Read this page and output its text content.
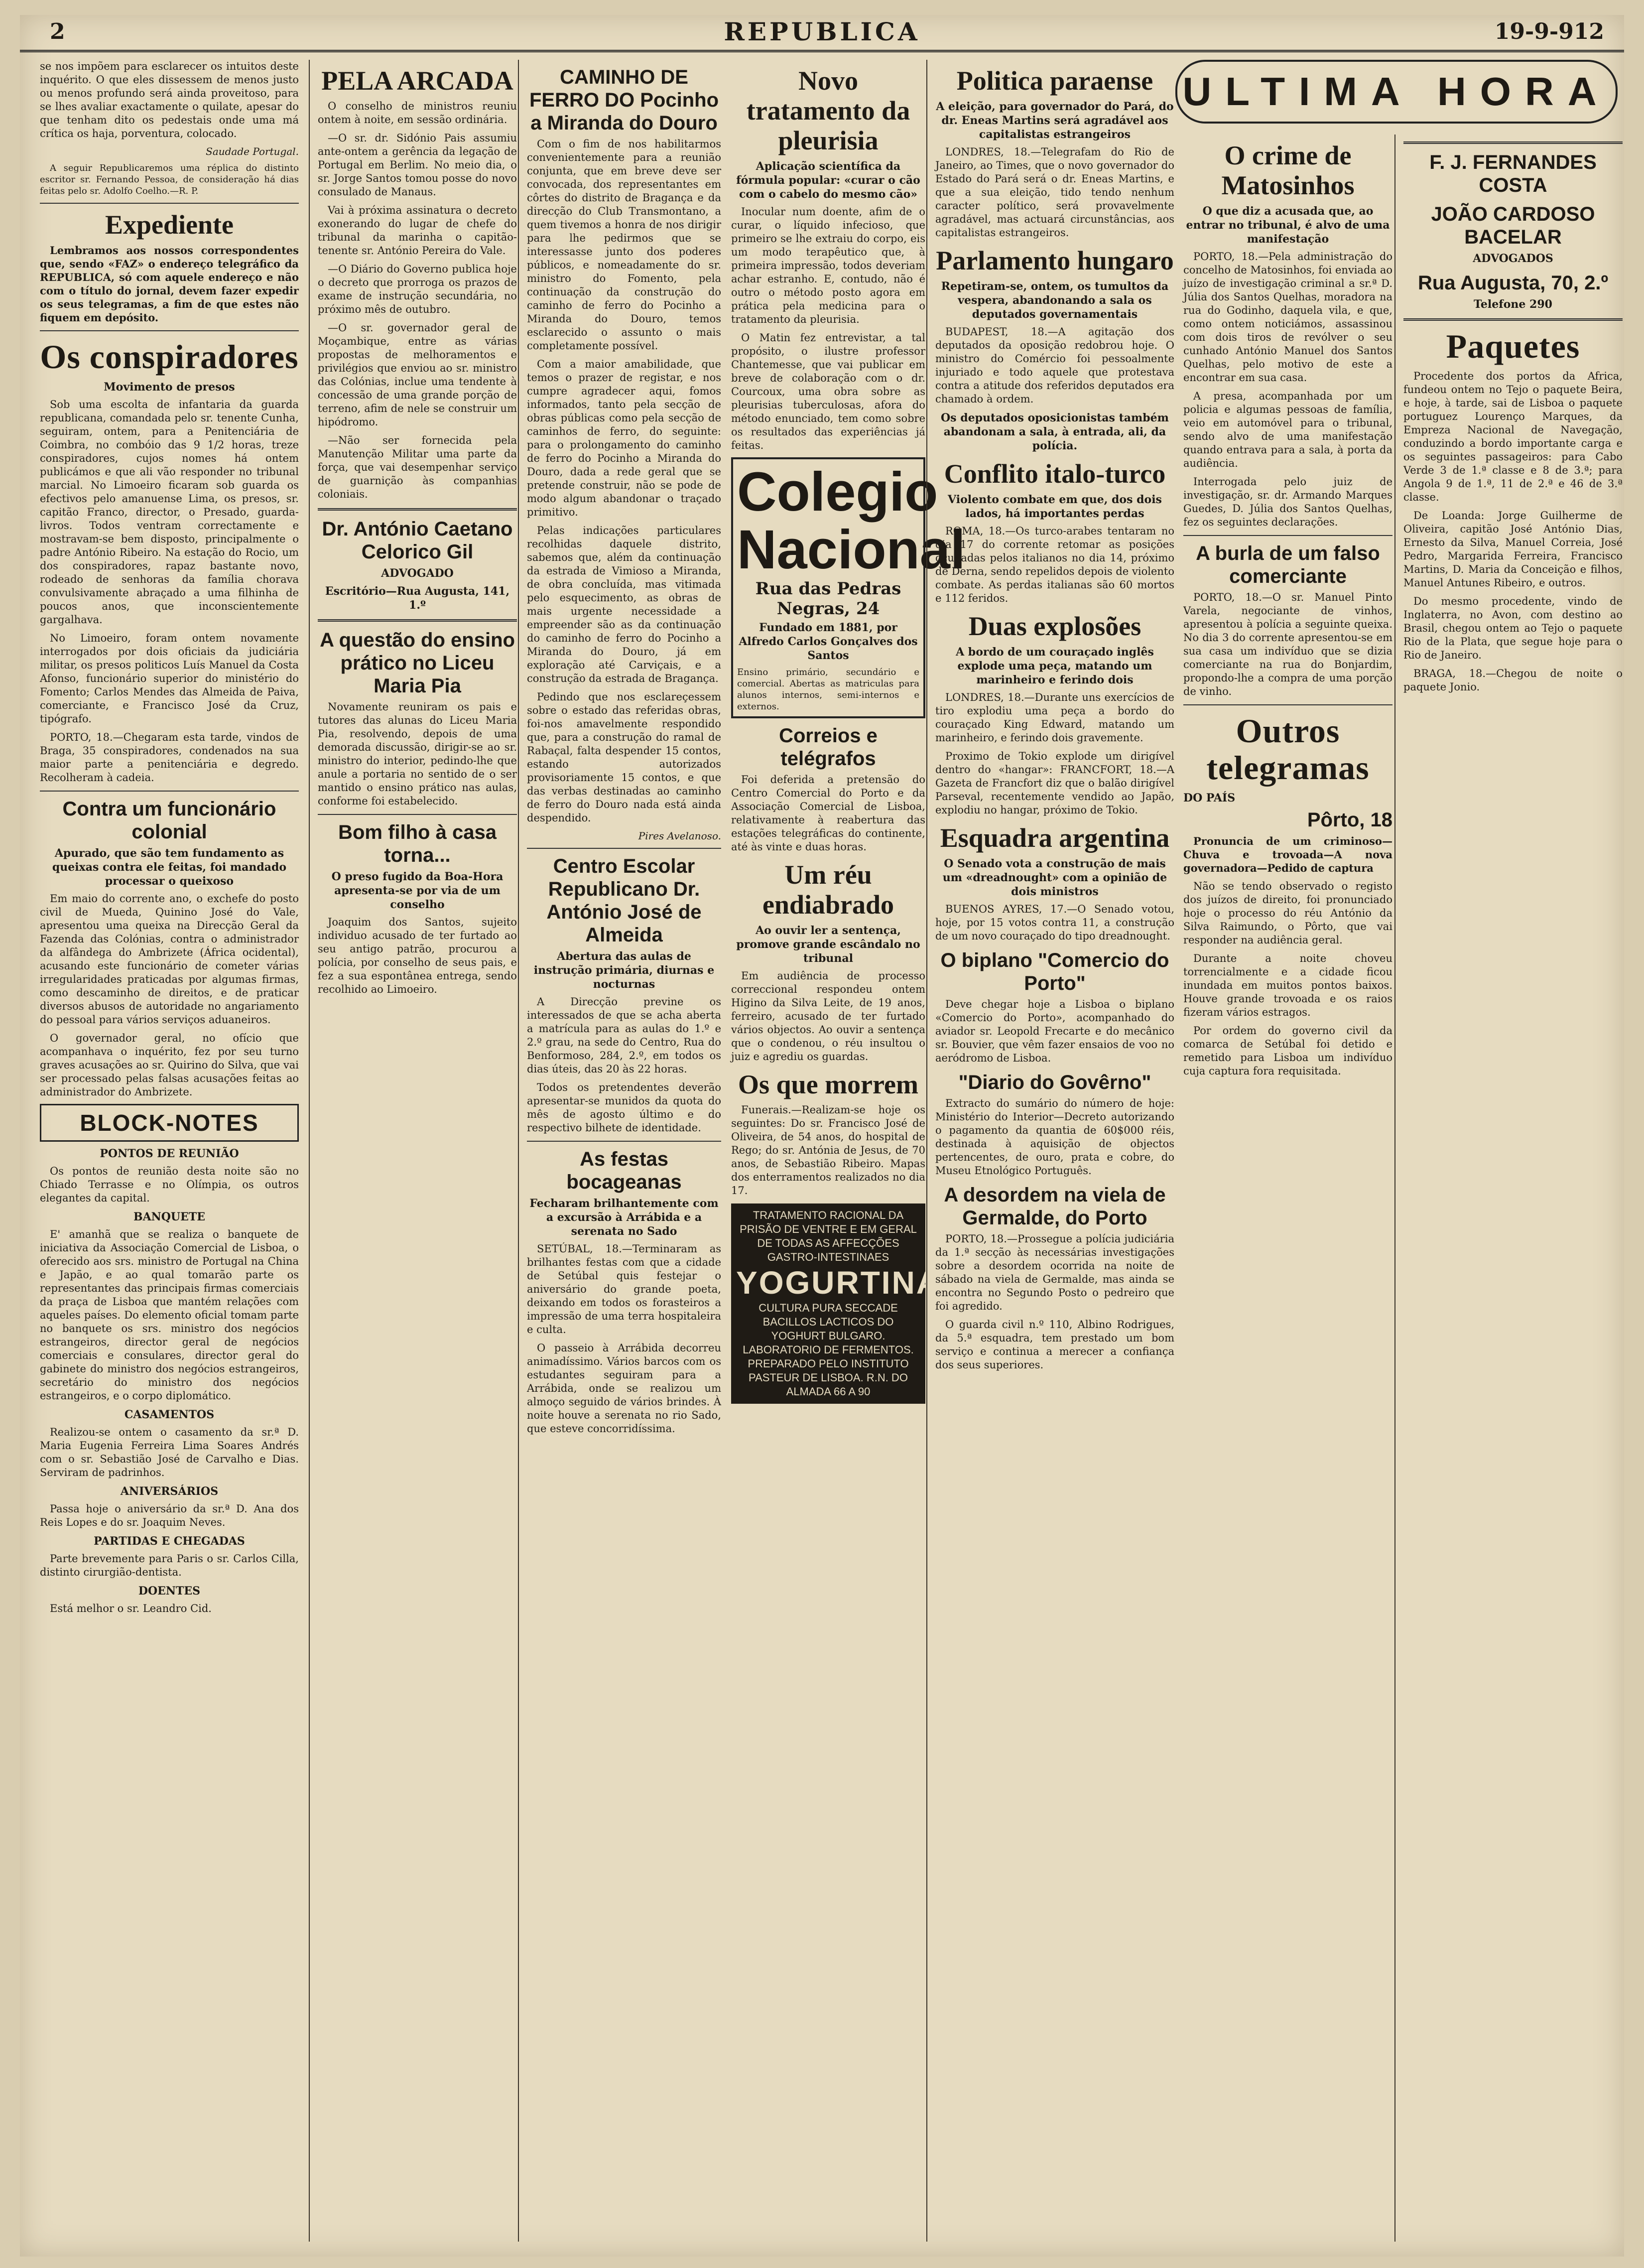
2	REPUBLICA	19-9-912

se nos impõem para esclarecer os intuitos deste inquérito. O que eles dissessem de menos justo ou menos profundo será ainda proveitoso, para se lhes avaliar exactamente o quilate, apesar do que tenham dito os pedestais onde uma má crítica os haja, porventura, colocado.

Saudade Portugal.

A seguir Republicaremos uma réplica do distinto escritor sr. Fernando Pessoa, de consideração há dias feitas pelo sr. Adolfo Coelho.—R. P.

Expediente

Lembramos aos nossos correspondentes que, sendo «FAZ» o endereço telegráfico da REPUBLICA, só com aquele endereço e não com o título do jornal, devem fazer expedir os seus telegramas, a fim de que estes não fiquem em depósito.

Os conspiradores
Movimento de presos

Sob uma escolta de infantaria da guarda republicana, comandada pelo sr. tenente Cunha, seguiram, ontem, para a Penitenciária de Coimbra, no combóio das 9 1/2 horas, treze conspiradores, cujos nomes há ontem publicámos e que ali vão responder no tribunal marcial. No Limoeiro ficaram sob guarda os efectivos pelo amanuense Lima, os presos, sr. capitão Franco, director, o Presado, guarda-livros. Todos ventram correctamente e mostravam-se bem disposto, principalmente o padre António Ribeiro. Na estação do Rocio, um dos conspiradores, rapaz bastante novo, rodeado de senhoras da família chorava convulsivamente abraçado a uma filhinha de poucos anos, que inconscientemente gargalhava.

No Limoeiro, foram ontem novamente interrogados por dois oficiais da judiciária militar, os presos politicos Luís Manuel da Costa Afonso, funcionário superior do ministério do Fomento; Carlos Mendes das Almeida de Paiva, comerciante, e Francisco José da Cruz, tipógrafo.

PORTO, 18.—Chegaram esta tarde, vindos de Braga, 35 conspiradores, condenados na sua maior parte a penitenciária e degredo. Recolheram à cadeia.

Contra um funcionário colonial
Apurado, que são tem fundamento as queixas contra ele feitas, foi mandado processar o queixoso

Em maio do corrente ano, o exchefe do posto civil de Mueda, Quinino José do Vale, apresentou uma queixa na Direcção Geral da Fazenda das Colónias, contra o administrador da alfândega do Ambrizete (África ocidental), acusando este funcionário de cometer várias irregularidades praticadas por algumas firmas, como descaminho de direitos, e de praticar diversos abusos de autoridade no angariamento do pessoal para vários serviços aduaneiros.

O governador geral, no ofício que acompanhava o inquérito, fez por seu turno graves acusações ao sr. Quirino do Silva, que vai ser processado pelas falsas acusações feitas ao administrador do Ambrizete.

BLOCK-NOTES
PONTOS DE REUNIÃO

Os pontos de reunião desta noite são no Chiado Terrasse e no Olímpia, os outros elegantes da capital.

BANQUETE

E' amanhã que se realiza o banquete de iniciativa da Associação Comercial de Lisboa, o oferecido aos srs. ministro de Portugal na China e Japão, e ao qual tomarão parte os representantes das principais firmas comerciais da praça de Lisboa que mantém relações com aqueles países. Do elemento oficial tomam parte no banquete os srs. ministro dos negócios estrangeiros, director geral de negócios comerciais e consulares, director geral do gabinete do ministro dos negócios estrangeiros, secretário do ministro dos negócios estrangeiros, e o corpo diplomático.

CASAMENTOS

Realizou-se ontem o casamento da sr.ª D. Maria Eugenia Ferreira Lima Soares Andrés com o sr. Sebastião José de Carvalho e Dias. Serviram de padrinhos.

ANIVERSÁRIOS

Passa hoje o aniversário da sr.ª D. Ana dos Reis Lopes e do sr. Joaquim Neves.

PARTIDAS E CHEGADAS

Parte brevemente para Paris o sr. Carlos Cilla, distinto cirurgião-dentista.

DOENTES

Está melhor o sr. Leandro Cid.

PELA ARCADA

O conselho de ministros reuniu ontem à noite, em sessão ordinária.

—O sr. dr. Sidónio Pais assumiu ante-ontem a gerência da legação de Portugal em Berlim. No meio dia, o sr. Jorge Santos tomou posse do novo consulado de Manaus.

Vai à próxima assinatura o decreto exonerando do lugar de chefe do tribunal da marinha o capitão-tenente sr. António Pereira do Vale.

—O Diário do Governo publica hoje o decreto que prorroga os prazos de exame de instrução secundária, no próximo mês de outubro.

—O sr. governador geral de Moçambique, entre as várias propostas de melhoramentos e privilégios que enviou ao sr. ministro das Colónias, inclue uma tendente à concessão de uma grande porção de terreno, afim de nele se construir um hipódromo.

—Não ser fornecida pela Manutenção Militar uma parte da força, que vai desempenhar serviço de guarnição às companhias coloniais.

Dr. António Caetano Celorico Gil
ADVOGADO
Escritório—Rua Augusta, 141, 1.º
A questão do ensino prático no Liceu Maria Pia

Novamente reuniram os pais e tutores das alunas do Liceu Maria Pia, resolvendo, depois de uma demorada discussão, dirigir-se ao sr. ministro do interior, pedindo-lhe que anule a portaria no sentido de o ser mantido o ensino prático nas aulas, conforme foi estabelecido.

Bom filho à casa torna...
O preso fugido da Boa-Hora apresenta-se por via de um conselho

Joaquim dos Santos, sujeito individuo acusado de ter furtado ao seu antigo patrão, procurou a polícia, por conselho de seus pais, e fez a sua espontânea entrega, sendo recolhido ao Limoeiro.

CAMINHO DE FERRO DO Pocinho a Miranda do Douro

Com o fim de nos habilitarmos convenientemente para a reunião conjunta, que em breve deve ser convocada, dos representantes em côrtes do distrito de Bragança e da direcção do Club Transmontano, a quem tivemos a honra de nos dirigir para lhe pedirmos que se interessasse junto dos poderes públicos, e nomeadamente do sr. ministro do Fomento, pela continuação da construção do caminho de ferro do Pocinho a Miranda do Douro, temos esclarecido o assunto o mais completamente possível.

Com a maior amabilidade, que temos o prazer de registar, e nos cumpre agradecer aqui, fomos informados, tanto pela secção de obras públicas como pela secção de caminhos de ferro, do seguinte: para o prolongamento do caminho de ferro do Pocinho a Miranda do Douro, dada a rede geral que se pretende construir, não se pode de modo algum abandonar o traçado primitivo.

Pelas indicações particulares recolhidas daquele distrito, sabemos que, além da continuação da estrada de Vimioso a Miranda, de obra concluída, mas vitimada pelo esquecimento, as obras de mais urgente necessidade a empreender são as da continuação do caminho de ferro do Pocinho a Miranda do Douro, já em exploração até Carviçais, e a construção da estrada de Bragança.

Pedindo que nos esclareçessem sobre o estado das referidas obras, foi-nos amavelmente respondido que, para a construção do ramal de Rabaçal, falta despender 15 contos, estando autorizados provisoriamente 15 contos, e que das verbas destinadas ao caminho de ferro do Douro nada está ainda despendido.

Pires Avelanoso.
Centro Escolar Republicano Dr. António José de Almeida
Abertura das aulas de instrução primária, diurnas e nocturnas

A Direcção previne os interessados de que se acha aberta a matrícula para as aulas do 1.º e 2.º grau, na sede do Centro, Rua do Benformoso, 284, 2.º, em todos os dias úteis, das 20 às 22 horas.

Todos os pretendentes deverão apresentar-se munidos da quota do mês de agosto último e do respectivo bilhete de identidade.

As festas bocageanas
Fecharam brilhantemente com a excursão à Arrábida e a serenata no Sado

SETÚBAL, 18.—Terminaram as brilhantes festas com que a cidade de Setúbal quis festejar o aniversário do grande poeta, deixando em todos os forasteiros a impressão de uma terra hospitaleira e culta.

O passeio à Arrábida decorreu animadíssimo. Vários barcos com os estudantes seguiram para a Arrábida, onde se realizou um almoço seguido de vários brindes. À noite houve a serenata no rio Sado, que esteve concorridíssima.

Novo tratamento da pleurisia
Aplicação scientífica da fórmula popular: «curar o cão com o cabelo do mesmo cão»

Inocular num doente, afim de o curar, o líquido infecioso, que primeiro se lhe extraiu do corpo, eis um modo terapêutico que, à primeira impressão, todos deveriam achar estranho. E, contudo, não é outro o método posto agora em prática pela medicina para o tratamento da pleurisia.

O Matin fez entrevistar, a tal propósito, o ilustre professor Chantemesse, que vai publicar em breve de colaboração com o dr. Courcoux, uma obra sobre as pleurisias tuberculosas, afora do método enunciado, tem como sobre os resultados das experiências já feitas.

Colegio Nacional
Rua das Pedras Negras, 24
Fundado em 1881, por Alfredo Carlos Gonçalves dos Santos
Ensino primário, secundário e comercial. Abertas as matriculas para alunos internos, semi-internos e externos.
Correios e telégrafos

Foi deferida a pretensão do Centro Comercial do Porto e da Associação Comercial de Lisboa, relativamente à reabertura das estações telegráficas do continente, até às vinte e duas horas.

Um réu endiabrado
Ao ouvir ler a sentença, promove grande escândalo no tribunal

Em audiência de processo correccional respondeu ontem Higino da Silva Leite, de 19 anos, ferreiro, acusado de ter furtado vários objectos. Ao ouvir a sentença que o condenou, o réu insultou o juiz e agrediu os guardas.

Os que morrem

Funerais.—Realizam-se hoje os seguintes: Do sr. Francisco José de Oliveira, de 54 anos, do hospital de Rego; do sr. Antónia de Jesus, de 70 anos, de Sebastião Ribeiro. Mapas dos enterramentos realizados no dia 17.

TRATAMENTO RACIONAL DA PRISÃO DE VENTRE E EM GERAL DE TODAS AS AFFECÇÕES GASTRO-INTESTINAES
YOGURTINA
CULTURA PURA SECCADE BACILLOS LACTICOS DO YOGHURT BULGARO. LABORATORIO DE FERMENTOS. PREPARADO PELO INSTITUTO PASTEUR DE LISBOA. R.N. DO ALMADA 66 A 90
Politica paraense
A eleição, para governador do Pará, do dr. Eneas Martins será agradável aos capitalistas estrangeiros

LONDRES, 18.—Telegrafam do Rio de Janeiro, ao Times, que o novo governador do Estado do Pará será o dr. Eneas Martins, e que a sua eleição, tido tendo nenhum caracter político, será provavelmente agradável, mas actuará circunstâncias, aos capitalistas estrangeiros.

Parlamento hungaro
Repetiram-se, ontem, os tumultos da vespera, abandonando a sala os deputados governamentais

BUDAPEST, 18.—A agitação dos deputados da oposição redobrou hoje. O ministro do Comércio foi pessoalmente injuriado e todo aquele que protestava contra a atitude dos referidos deputados era chamado à ordem.

Os deputados oposicionistas também abandonam a sala, à entrada, ali, da polícia.
Conflito italo-turco
Violento combate em que, dos dois lados, há importantes perdas

ROMA, 18.—Os turco-arabes tentaram no dia 17 do corrente retomar as posições ocupadas pelos italianos no dia 14, próximo de Derna, sendo repelidos depois de violento combate. As perdas italianas são 60 mortos e 112 feridos.

Duas explosões
A bordo de um couraçado inglês explode uma peça, matando um marinheiro e ferindo dois

LONDRES, 18.—Durante uns exercícios de tiro explodiu uma peça a bordo do couraçado King Edward, matando um marinheiro, e ferindo dois gravemente.

Proximo de Tokio explode um dirigível dentro do «hangar»: FRANCFORT, 18.—A Gazeta de Francfort diz que o balão dirigível Parseval, recentemente vendido ao Japão, explodiu no hangar, próximo de Tokio.

Esquadra argentina
O Senado vota a construção de mais um «dreadnought» com a opinião de dois ministros

BUENOS AYRES, 17.—O Senado votou, hoje, por 15 votos contra 11, a construção de um novo couraçado do tipo dreadnought.

O biplano "Comercio do Porto"

Deve chegar hoje a Lisboa o biplano «Comercio do Porto», acompanhado do aviador sr. Leopold Frecarte e do mecânico sr. Bouvier, que vêm fazer ensaios de voo no aeródromo de Lisboa.

"Diario do Govêrno"

Extracto do sumário do número de hoje: Ministério do Interior—Decreto autorizando o pagamento da quantia de 60$000 réis, destinada à aquisição de objectos pertencentes, de ouro, prata e cobre, do Museu Etnológico Português.

A desordem na viela de Germalde, do Porto

PORTO, 18.—Prossegue a polícia judiciária da 1.ª secção às necessárias investigações sobre a desordem ocorrida na noite de sábado na viela de Germalde, mas ainda se encontra no Segundo Posto o pedreiro que foi agredido.

O guarda civil n.º 110, Albino Rodrigues, da 5.ª esquadra, tem prestado um bom serviço e continua a merecer a confiança dos seus superiores.

ULTIMA HORA
O crime de Matosinhos
O que diz a acusada que, ao entrar no tribunal, é alvo de uma manifestação

PORTO, 18.—Pela administração do concelho de Matosinhos, foi enviada ao juízo de investigação criminal a sr.ª D. Júlia dos Santos Quelhas, moradora na rua do Godinho, daquela vila, e que, como ontem noticiámos, assassinou com dois tiros de revólver o seu cunhado António Manuel dos Santos Quelhas, pelo motivo de este a encontrar em sua casa.

A presa, acompanhada por um policia e algumas pessoas de família, veio em automóvel para o tribunal, sendo alvo de uma manifestação quando entrava para a sala, à porta da audiência.

Interrogada pelo juiz de investigação, sr. dr. Armando Marques Guedes, D. Júlia dos Santos Quelhas, fez os seguintes declarações.

A burla de um falso comerciante

PORTO, 18.—O sr. Manuel Pinto Varela, negociante de vinhos, apresentou à polícia a seguinte queixa. No dia 3 do corrente apresentou-se em sua casa um indivíduo que se dizia comerciante na rua do Bonjardim, propondo-lhe a compra de uma porção de vinho.

Outros telegramas
DO PAÍS
Pôrto, 18

Pronuncia de um criminoso—Chuva e trovoada—A nova governadora—Pedido de captura

Não se tendo observado o registo dos juízos de direito, foi pronunciado hoje o processo do réu António da Silva Raimundo, o Pôrto, que vai responder na audiência geral.

Durante a noite choveu torrencialmente e a cidade ficou inundada em muitos pontos baixos. Houve grande trovoada e os raios fizeram vários estragos.

Por ordem do governo civil da comarca de Setúbal foi detido e remetido para Lisboa um indivíduo cuja captura fora requisitada.

F. J. FERNANDES COSTA
JOÃO CARDOSO BACELAR
ADVOGADOS
Rua Augusta, 70, 2.º
Telefone 290
Paquetes

Procedente dos portos da Africa, fundeou ontem no Tejo o paquete Beira, e hoje, à tarde, sai de Lisboa o paquete portuguez Lourenço Marques, da Empreza Nacional de Navegação, conduzindo a bordo importante carga e os seguintes passageiros: para Cabo Verde 3 de 1.ª classe e 8 de 3.ª; para Angola 9 de 1.ª, 11 de 2.ª e 46 de 3.ª classe.

De Loanda: Jorge Guilherme de Oliveira, capitão José António Dias, Ernesto da Silva, Manuel Correia, José Pedro, Margarida Ferreira, Francisco Martins, D. Maria da Conceição e filhos, Manuel Antunes Ribeiro, e outros.

Do mesmo procedente, vindo de Inglaterra, no Avon, com destino ao Brasil, chegou ontem ao Tejo o paquete Rio de la Plata, que segue hoje para o Rio de Janeiro.

BRAGA, 18.—Chegou de noite o paquete Jonio.
